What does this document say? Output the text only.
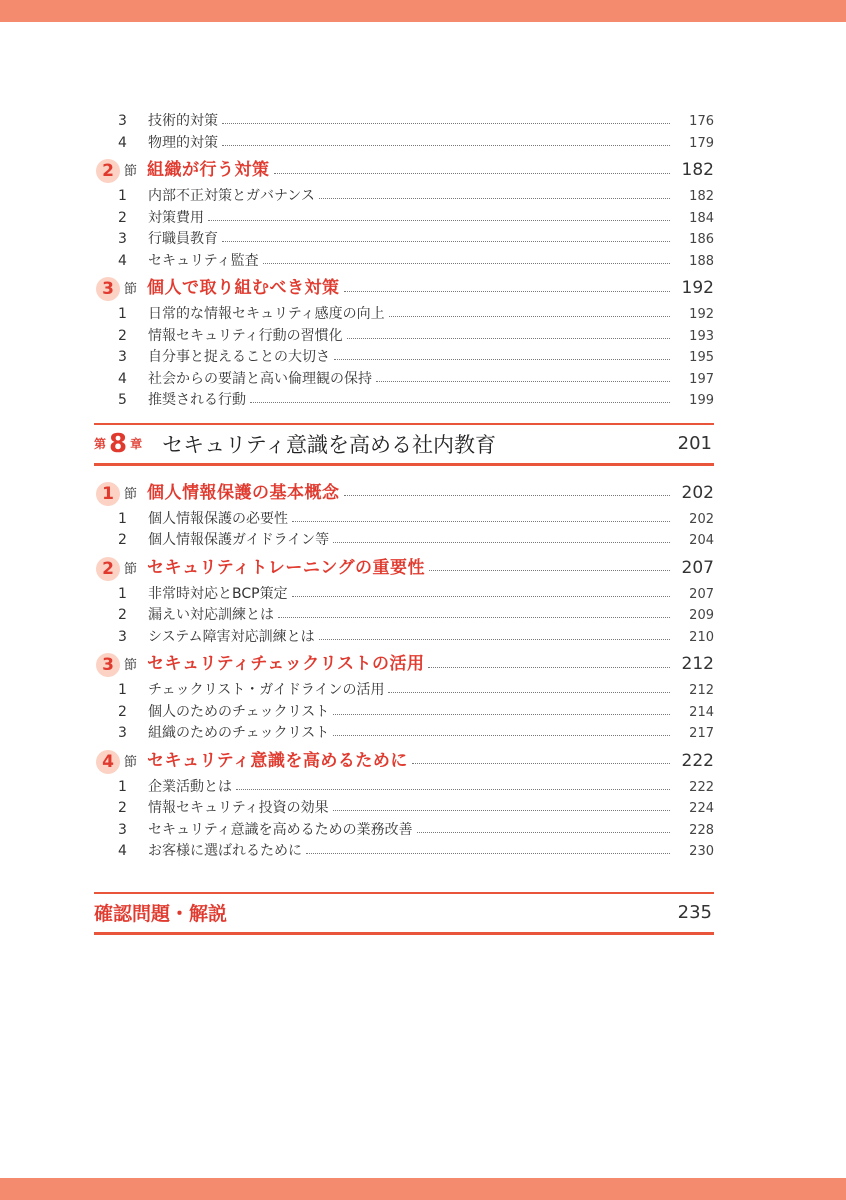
3	技術的対策	176
4	物理的対策	179
2 節 組織が行う対策	182
1	内部不正対策とガバナンス	182
2	対策費用	184
3	行職員教育	186
4	セキュリティ監査	188
3 節 個人で取り組むべき対策	192
1	日常的な情報セキュリティ感度の向上	192
2	情報セキュリティ行動の習慣化	193
3	自分事と捉えることの大切さ	195
4	社会からの要請と高い倫理観の保持	197
5	推奨される行動	199
第 8 章 セキュリティ意識を高める社内教育	201
1 節 個人情報保護の基本概念	202
1	個人情報保護の必要性	202
2	個人情報保護ガイドライン等	204
2 節 セキュリティトレーニングの重要性	207
1	非常時対応とBCP策定	207
2	漏えい対応訓練とは	209
3	システム障害対応訓練とは	210
3 節 セキュリティチェックリストの活用	212
1	チェックリスト・ガイドラインの活用	212
2	個人のためのチェックリスト	214
3	組織のためのチェックリスト	217
4 節 セキュリティ意識を高めるために	222
1	企業活動とは	222
2	情報セキュリティ投資の効果	224
3	セキュリティ意識を高めるための業務改善	228
4	お客様に選ばれるために	230
確認問題・解説	235
